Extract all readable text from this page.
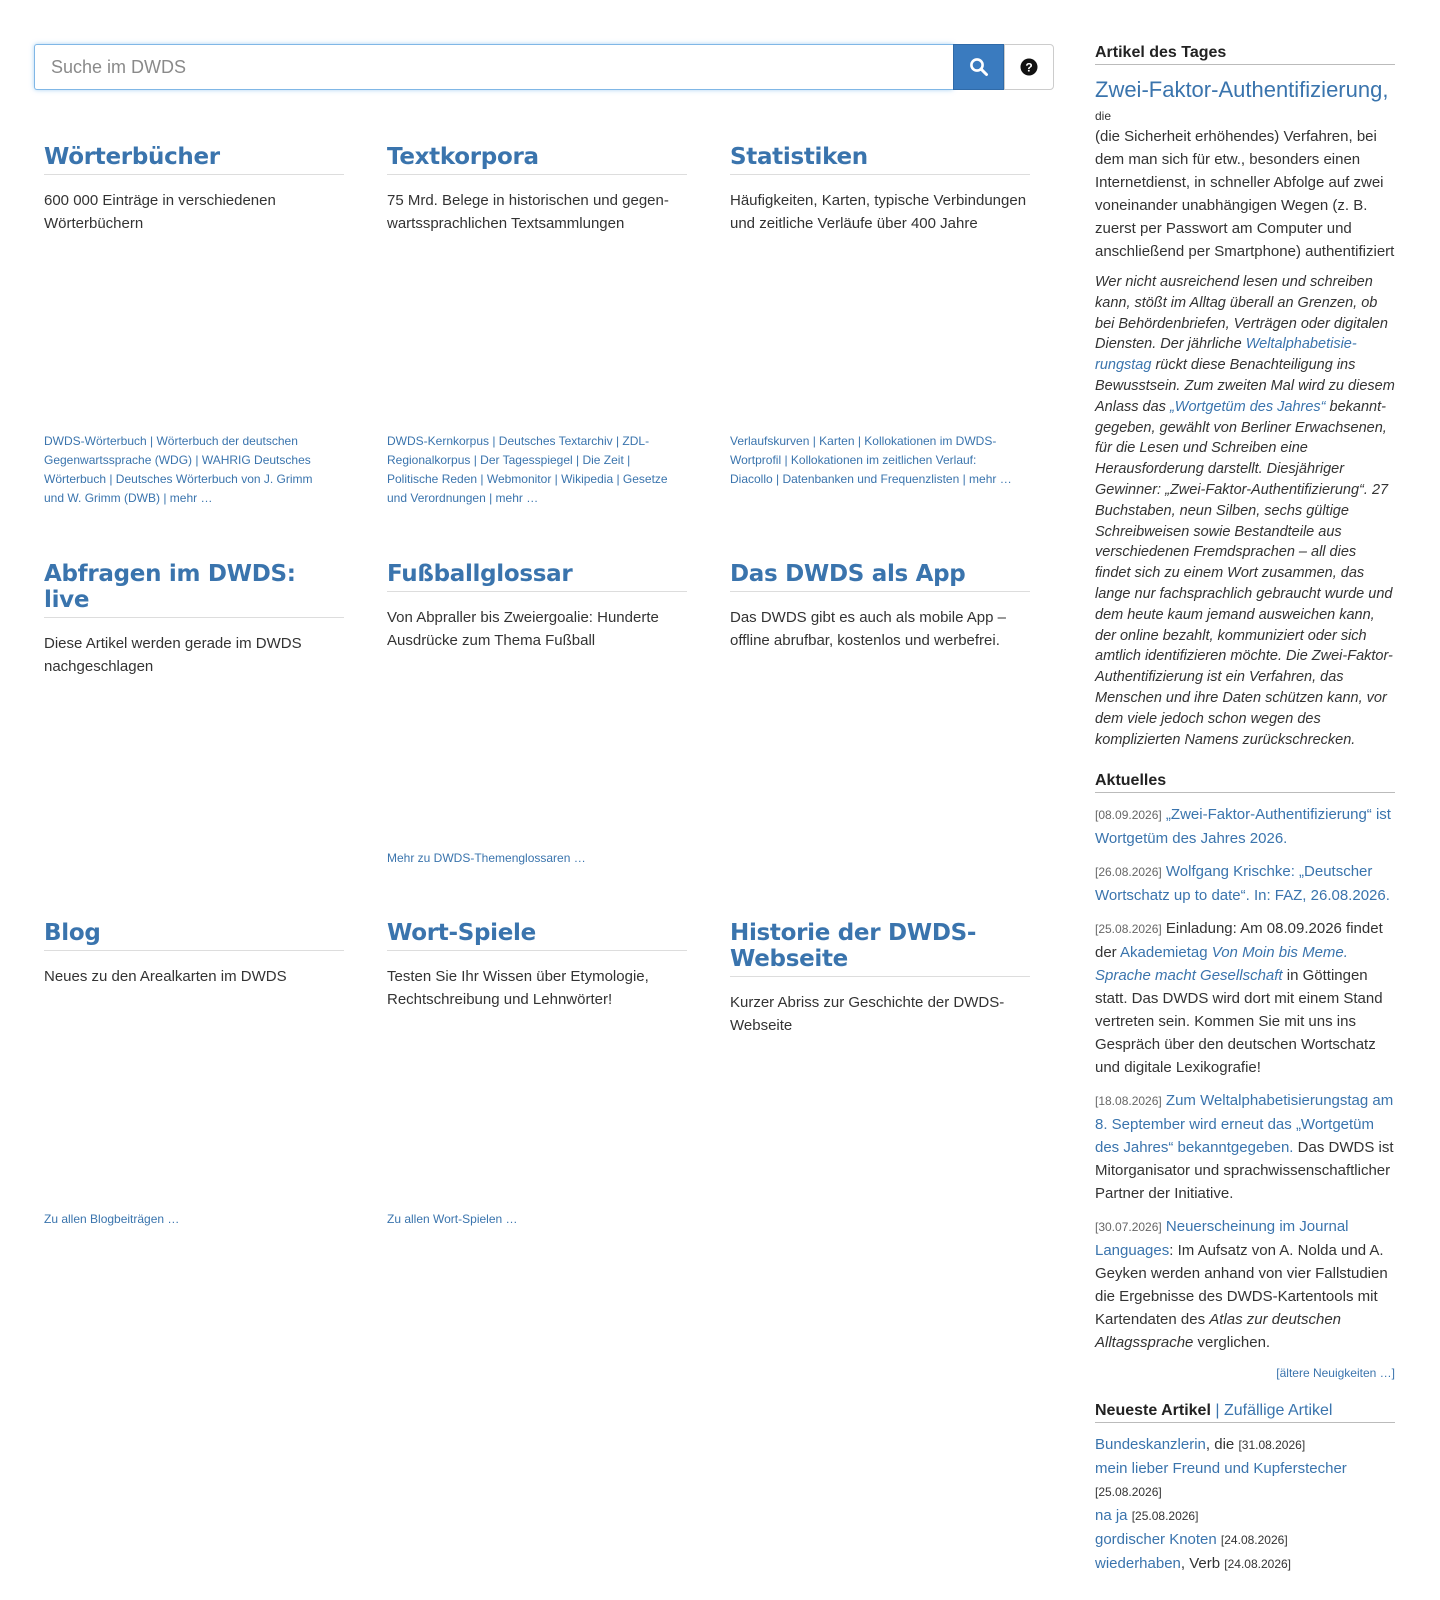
Suche im DWDS
?
Wörterbücher

600 000 Einträge in verschiedenen Wörterbüchern

DWDS-Wörterbuch | Wörterbuch der deutschen Gegenwartssprache (WDG) | WAHRIG Deutsches Wörterbuch | Deutsches Wörterbuch von J. Grimm und W. Grimm (DWB) | mehr …
Textkorpora

75 Mrd. Belege in historischen und gegenwartssprachlichen Textsammlungen

DWDS-Kernkorpus | Deutsches Textarchiv | ZDL-Regionalkorpus | Der Tagesspiegel | Die Zeit | Politische Reden | Webmonitor | Wikipedia | Gesetze und Verordnungen | mehr …
Statistiken

Häufigkeiten, Karten, typische Verbindungen und zeitliche Verläufe über 400 Jahre

Verlaufskurven | Karten | Kollokationen im DWDS-Wortprofil | Kollokationen im zeitlichen Verlauf: Diacollo | Datenbanken und Frequenzlisten | mehr …
Abfragen im DWDS: live

Diese Artikel werden gerade im DWDS nachgeschlagen

Fußballglossar

Von Abpraller bis Zweiergoalie: Hunderte Ausdrücke zum Thema Fußball

Mehr zu DWDS-Themenglossaren …
Das DWDS als App

Das DWDS gibt es auch als mobile App – offline abrufbar, kostenlos und werbefrei.

Blog

Neues zu den Arealkarten im DWDS

Zu allen Blogbeiträgen …
Wort-Spiele

Testen Sie Ihr Wissen über Etymologie, Rechtschreibung und Lehnwörter!

Zu allen Wort-Spielen …
Historie der DWDS-Webseite

Kurzer Abriss zur Geschichte der DWDS-Webseite

Artikel des Tages
Zwei-Faktor-Authentifizierung,
die
(die Sicherheit erhöhendes) Verfahren, bei dem man sich für etw., besonders einen Internetdienst, in schneller Abfolge auf zwei voneinander unabhängigen Wegen (z. B. zuerst per Passwort am Computer und anschließend per Smartphone) authentifiziert
Wer nicht ausreichend lesen und schreiben kann, stößt im Alltag überall an Grenzen, ob bei Behördenbriefen, Verträgen oder digitalen Diensten. Der jährliche Weltalphabetisierungstag rückt diese Benachteiligung ins Bewusstsein. Zum zweiten Mal wird zu diesem Anlass das „Wortgetüm des Jahres“ bekanntgegeben, gewählt von Berliner Erwachsenen, für die Lesen und Schreiben eine Herausforderung darstellt. Diesjähriger Gewinner: „Zwei-Faktor-Authentifizierung“. 27 Buchstaben, neun Silben, sechs gültige Schreibweisen sowie Bestandteile aus verschiedenen Fremdsprachen – all dies findet sich zu einem Wort zusammen, das lange nur fachsprachlich gebraucht wurde und dem heute kaum jemand ausweichen kann, der online bezahlt, kommuniziert oder sich amtlich identifizieren möchte. Die Zwei-Faktor-Authentifizierung ist ein Verfahren, das Menschen und ihre Daten schützen kann, vor dem viele jedoch schon wegen des komplizierten Namens zurückschrecken.
Aktuelles
[08.09.2026] „Zwei-Faktor-Authentifizierung“ ist Wortgetüm des Jahres 2026.
[26.08.2026] Wolfgang Krischke: „Deutscher Wortschatz up to date“. In: FAZ, 26.08.2026.
[25.08.2026] Einladung: Am 08.09.2026 findet der Akademietag Von Moin bis Meme. Sprache macht Gesellschaft in Göttingen statt. Das DWDS wird dort mit einem Stand vertreten sein. Kommen Sie mit uns ins Gespräch über den deutschen Wortschatz und digitale Lexikografie!
[18.08.2026] Zum Weltalphabetisierungstag am 8. September wird erneut das „Wortgetüm des Jahres“ bekanntgegeben. Das DWDS ist Mitorganisator und sprachwissenschaftlicher Partner der Initiative.
[30.07.2026] Neuerscheinung im Journal Languages: Im Aufsatz von A. Nolda und A. Geyken werden anhand von vier Fallstudien die Ergebnisse des DWDS-Kartentools mit Kartendaten des Atlas zur deutschen Alltagssprache verglichen.
[ältere Neuigkeiten …]
Neueste Artikel | Zufällige Artikel
Bundeskanzlerin, die [31.08.2026]
mein lieber Freund und Kupferstecher [25.08.2026]
na ja [25.08.2026]
gordischer Knoten [24.08.2026]
wiederhaben, Verb [24.08.2026]
